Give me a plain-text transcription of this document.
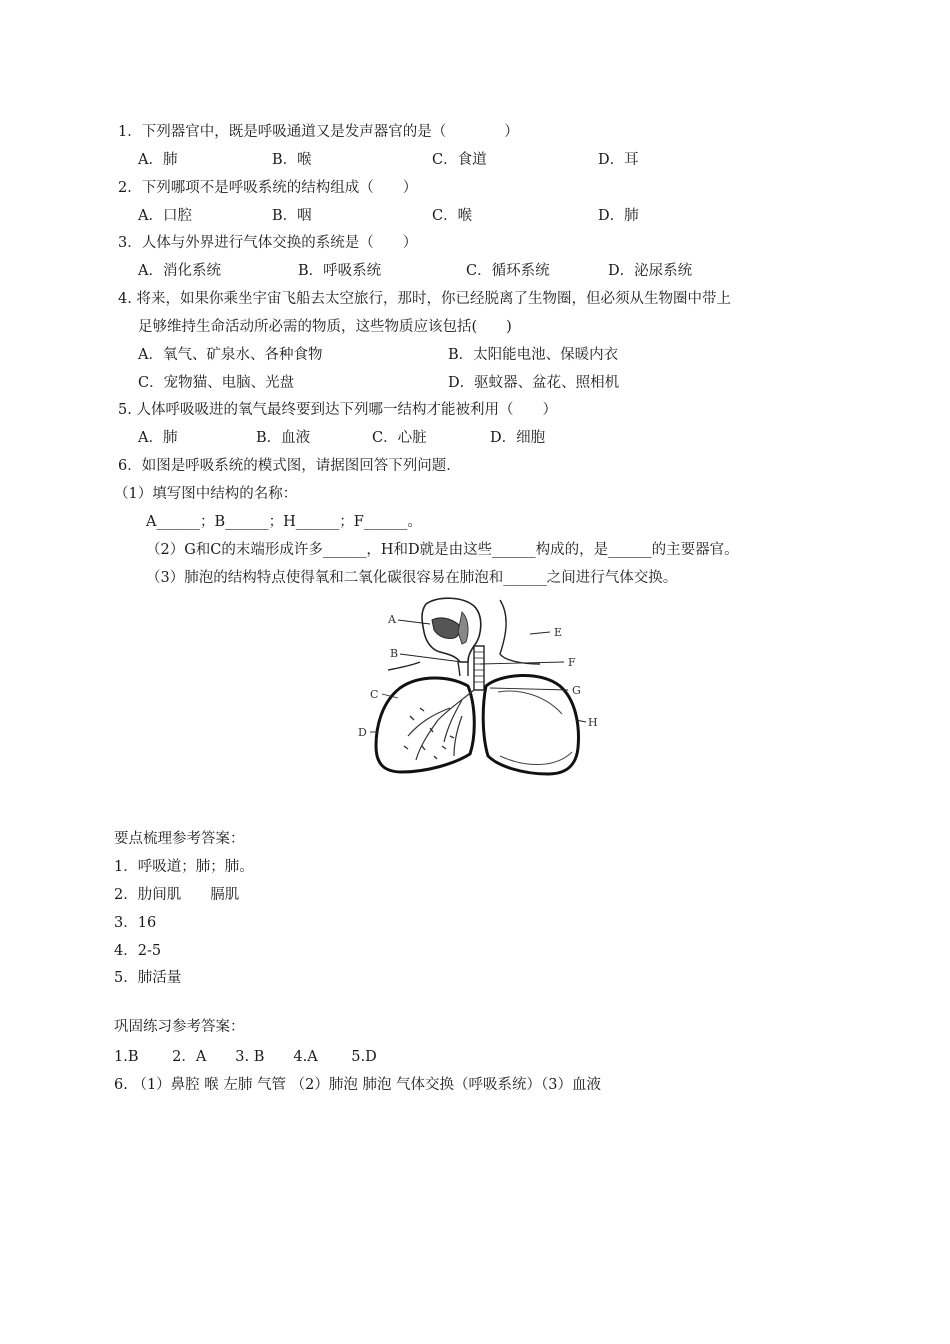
1．下列器官中，既是呼吸通道又是发声器官的是（　　　　）
A．肺	B．喉	C．食道	D．耳
2．下列哪项不是呼吸系统的结构组成（　　）
A．口腔	B．咽	C．喉	D．肺
3．人体与外界进行气体交换的系统是（　　）
A．消化系统	B．呼吸系统	C．循环系统	D．泌尿系统
4. 将来，如果你乘坐宇宙飞船去太空旅行，那时，你已经脱离了生物圈，但必须从生物圈中带上
足够维持生命活动所必需的物质，这些物质应该包括(　　)
A．氧气、矿泉水、各种食物	B．太阳能电池、保暖内衣
C．宠物猫、电脑、光盘	D．驱蚊器、盆花、照相机
5. 人体呼吸吸进的氧气最终要到达下列哪一结构才能被利用（　　）
A．肺	B．血液	C．心脏	D．细胞
6．如图是呼吸系统的模式图，请据图回答下列问题．
（1）填写图中结构的名称：
A______；B______；H______；F______。
（2）G和C的末端形成许多______，H和D就是由这些______构成的，是______的主要器官。
（3）肺泡的结构特点使得氧和二氧化碳很容易在肺泡和______之间进行气体交换。
A
B
C
D
E
F
G
H
要点梳理参考答案：
1．呼吸道；肺；肺。
2．肋间肌　　膈肌
3．16
4．2-5
5．肺活量
巩固练习参考答案：
1.B　　 2．A　　3. B　　4.A　　 5.D
6. （1）鼻腔 喉 左肺 气管 （2）肺泡 肺泡 气体交换（呼吸系统）（3）血液
